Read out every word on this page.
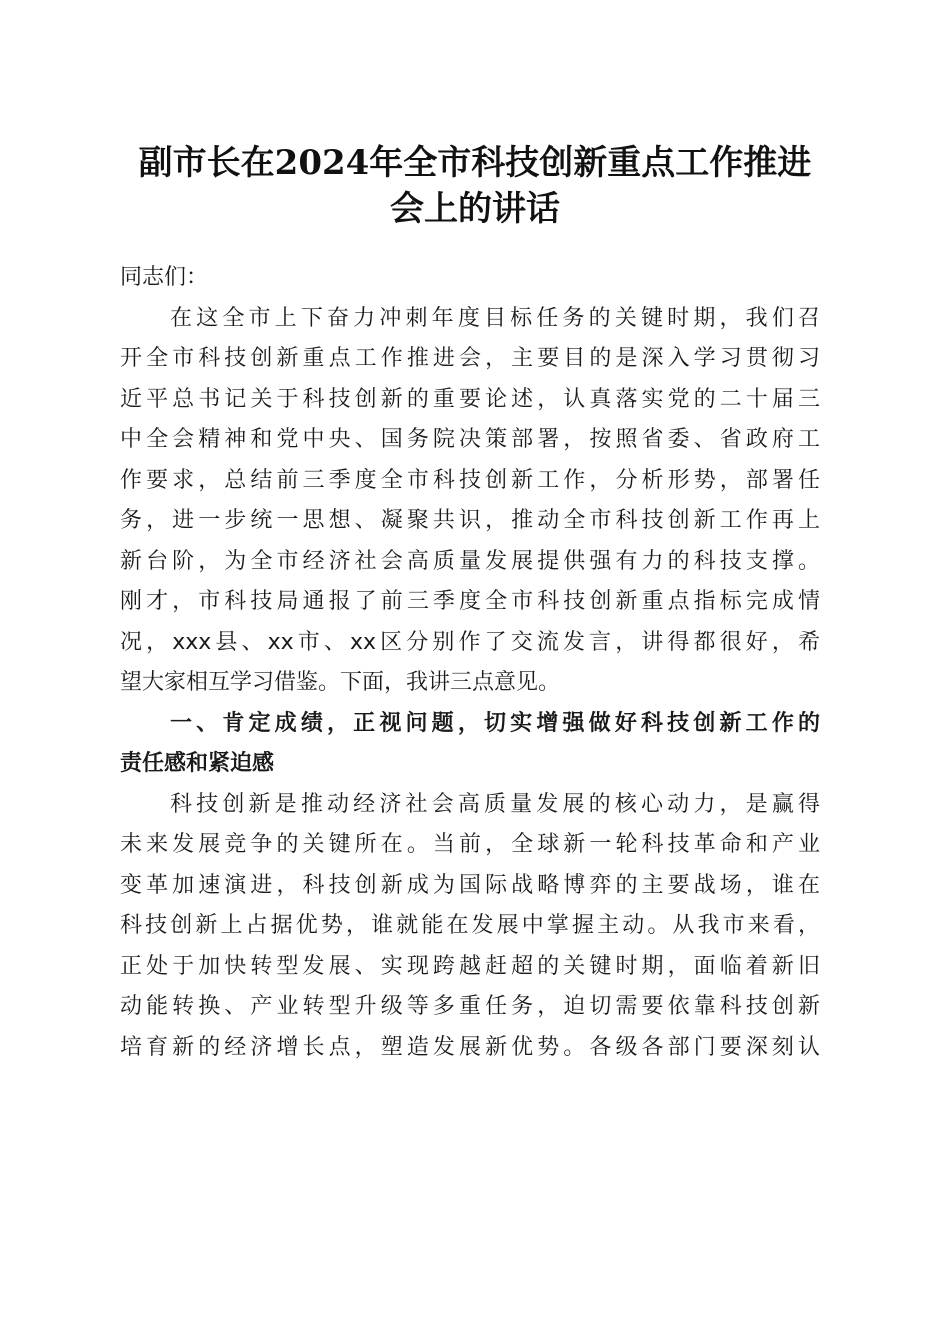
副市长在2024年全市科技创新重点工作推进
会上的讲话
同志们：
在这全市上下奋力冲刺年度目标任务的关键时期，我们召
开全市科技创新重点工作推进会，主要目的是深入学习贯彻习
近平总书记关于科技创新的重要论述，认真落实党的二十届三
中全会精神和党中央、国务院决策部署，按照省委、省政府工
作要求，总结前三季度全市科技创新工作，分析形势，部署任
务，进一步统一思想、凝聚共识，推动全市科技创新工作再上
新台阶，为全市经济社会高质量发展提供强有力的科技支撑。
刚才，市科技局通报了前三季度全市科技创新重点指标完成情
况，xxx县、xx市、xx区分别作了交流发言，讲得都很好，希
望大家相互学习借鉴。下面，我讲三点意见。
一、肯定成绩，正视问题，切实增强做好科技创新工作的
责任感和紧迫感
科技创新是推动经济社会高质量发展的核心动力，是赢得
未来发展竞争的关键所在。当前，全球新一轮科技革命和产业
变革加速演进，科技创新成为国际战略博弈的主要战场，谁在
科技创新上占据优势，谁就能在发展中掌握主动。从我市来看，
正处于加快转型发展、实现跨越赶超的关键时期，面临着新旧
动能转换、产业转型升级等多重任务，迫切需要依靠科技创新
培育新的经济增长点，塑造发展新优势。各级各部门要深刻认
